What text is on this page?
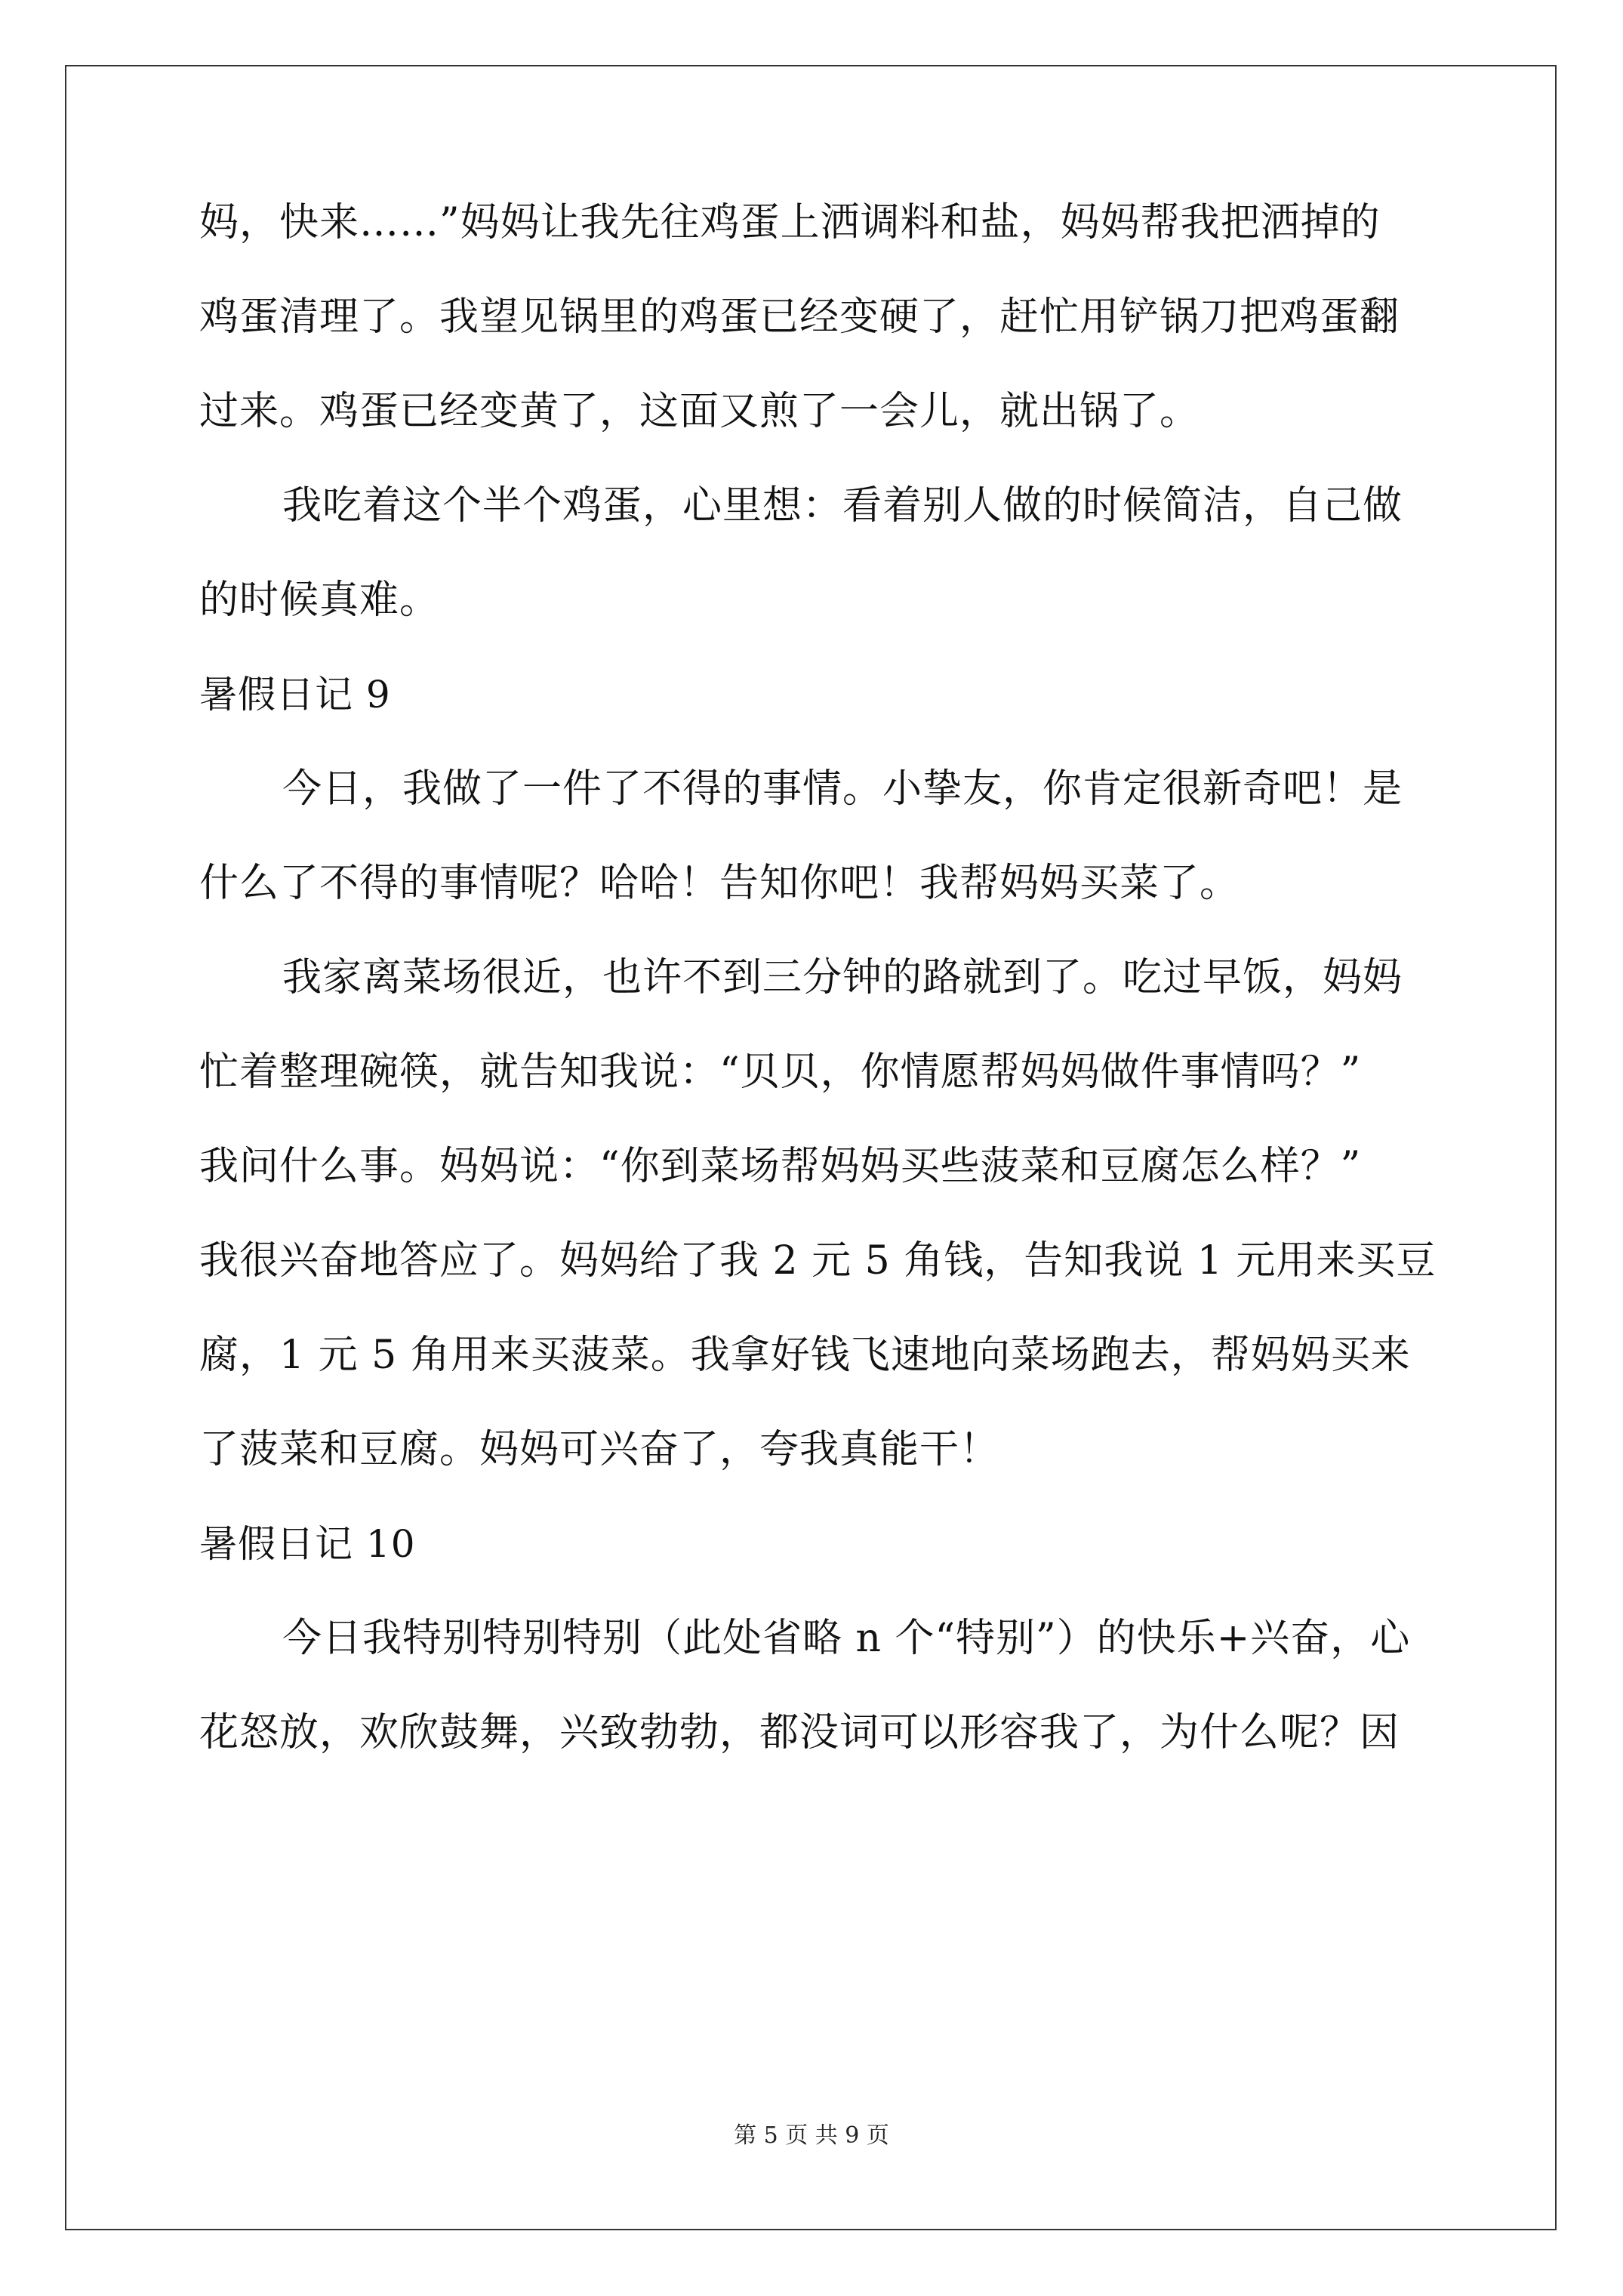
妈，快来……”妈妈让我先往鸡蛋上洒调料和盐，妈妈帮我把洒掉的
鸡蛋清理了。我望见锅里的鸡蛋已经变硬了，赶忙用铲锅刀把鸡蛋翻
过来。鸡蛋已经变黄了，这面又煎了一会儿，就出锅了。
我吃着这个半个鸡蛋，心里想：看着别人做的时候简洁，自己做
的时候真难。
暑假日记 9
今日，我做了一件了不得的事情。小挚友，你肯定很新奇吧！是
什么了不得的事情呢？哈哈！告知你吧！我帮妈妈买菜了。
我家离菜场很近，也许不到三分钟的路就到了。吃过早饭，妈妈
忙着整理碗筷，就告知我说：“贝贝，你情愿帮妈妈做件事情吗？”
我问什么事。妈妈说：“你到菜场帮妈妈买些菠菜和豆腐怎么样？”
我很兴奋地答应了。妈妈给了我 2 元 5 角钱，告知我说 1 元用来买豆
腐，1 元 5 角用来买菠菜。我拿好钱飞速地向菜场跑去，帮妈妈买来
了菠菜和豆腐。妈妈可兴奋了，夸我真能干！
暑假日记 10
今日我特别特别特别（此处省略 n 个“特别”）的快乐+兴奋，心
花怒放，欢欣鼓舞，兴致勃勃，都没词可以形容我了，为什么呢？因
第 5 页 共 9 页
